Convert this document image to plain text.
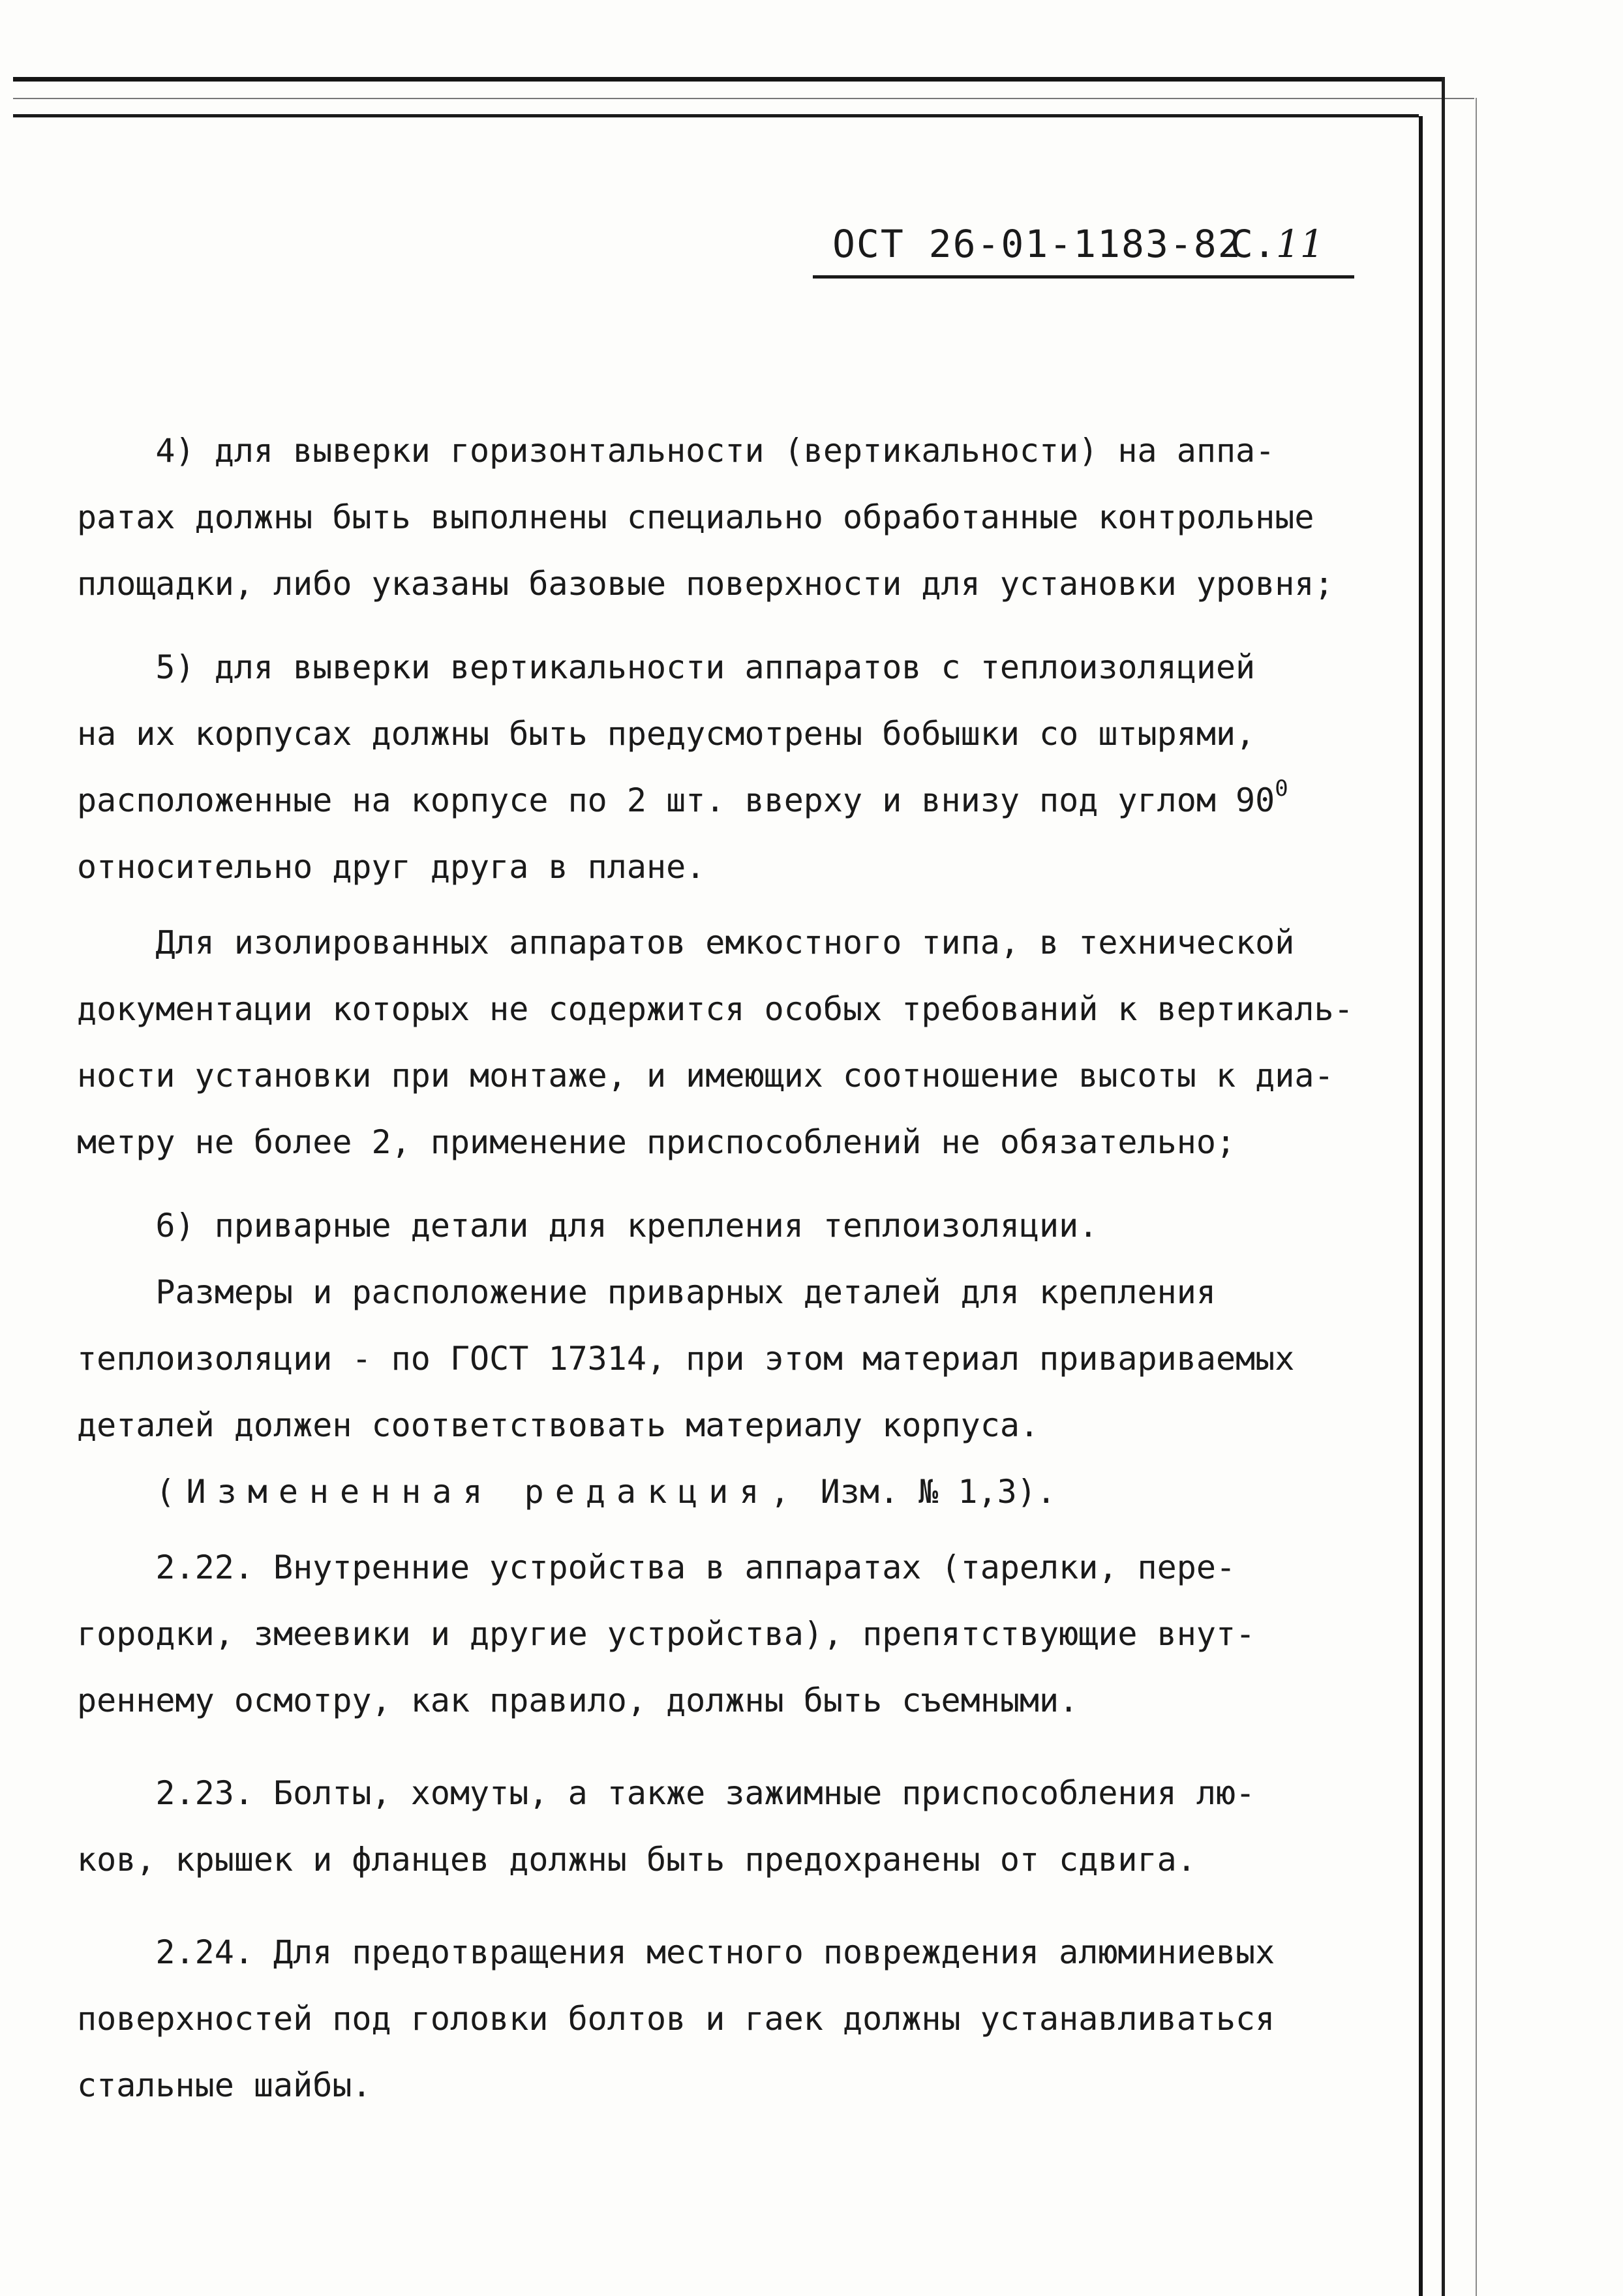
ОСТ 26-01-1183-82
С.11

4) для выверки горизонтальности (вертикальности) на аппа-

ратах должны быть выполнены специально обработанные контрольные

площадки, либо указаны базовые поверхности для установки уровня;

5) для выверки вертикальности аппаратов с теплоизоляцией

на их корпусах должны быть предусмотрены бобышки со штырями,

расположенные на корпусе по 2 шт. вверху и внизу под углом $90^0$

относительно друг друга в плане.

Для изолированных аппаратов емкостного типа, в технической

документации которых не содержится особых требований к вертикаль-

ности установки при монтаже, и имеющих соотношение высоты к диа-

метру не более 2, применение приспособлений не обязательно;

6) приварные детали для крепления теплоизоляции.

Размеры и расположение приварных деталей для крепления

теплоизоляции - по ГОСТ 17314, при этом материал привариваемых

деталей должен соответствовать материалу корпуса.

(Измененная редакция, Изм. № 1,3).

2.22. Внутренние устройства в аппаратах (тарелки, пере-

городки, змеевики и другие устройства), препятствующие внут-

реннему осмотру, как правило, должны быть съемными.

2.23. Болты, хомуты, а также зажимные приспособления лю-

ков, крышек и фланцев должны быть предохранены от сдвига.

2.24. Для предотвращения местного повреждения алюминиевых

поверхностей под головки болтов и гаек должны устанавливаться

стальные шайбы.
